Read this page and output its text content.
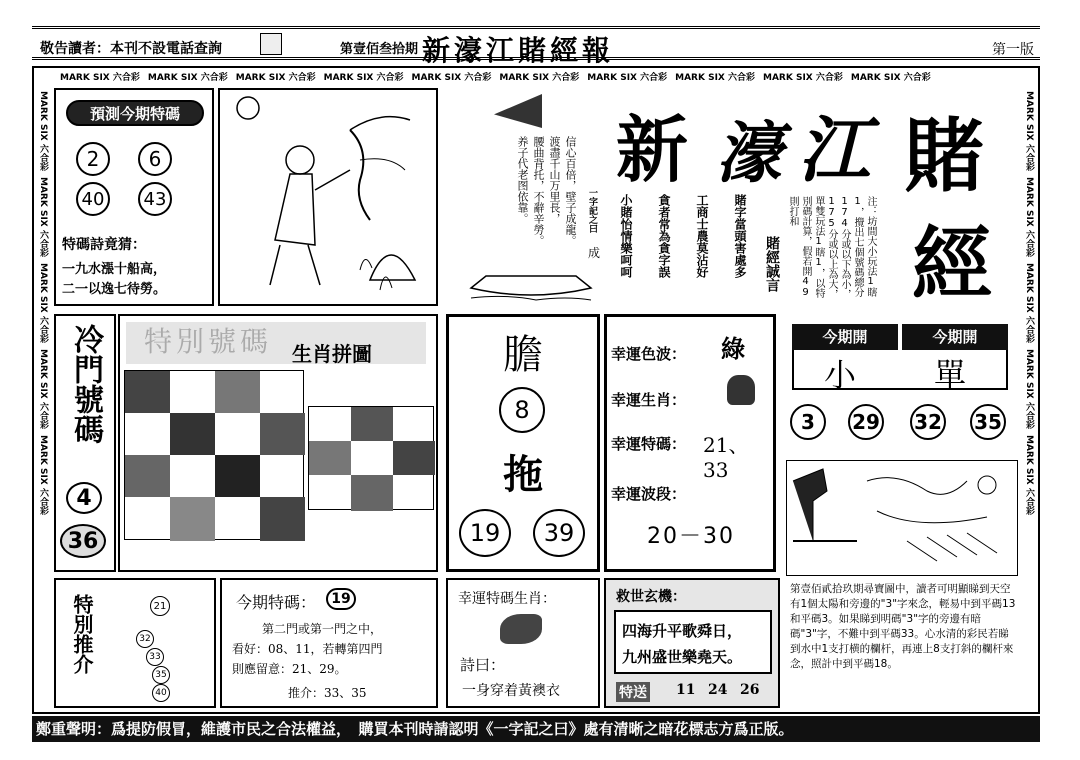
敬告讀者：本刊不設電話查詢	第壹佰叁拾期 新濠江賭經報	第一版
MARK SIX 六合彩 MARK SIX 六合彩 MARK SIX 六合彩 MARK SIX 六合彩 MARK SIX 六合彩 MARK SIX 六合彩 MARK SIX 六合彩 MARK SIX 六合彩 MARK SIX 六合彩 MARK SIX 六合彩
MARK SIX 六合彩
MARK SIX 六合彩
MARK SIX 六合彩
MARK SIX 六合彩
MARK SIX 六合彩
MARK SIX 六合彩
MARK SIX 六合彩
MARK SIX 六合彩
MARK SIX 六合彩
MARK SIX 六合彩
預測今期特碼
2	6
40	43
特碼詩竟猜：
一九水漲十船高，
二一以逸七待勞。
信心百倍，壁子成龍。
渡盡千山万里長，
腰曲背托，不辭辛勞。
养子代老图依靠。	一字記之曰
成	賭經誠言
賭字當頭害處多
工商士農莫沾好
貪者常為貪字誤
小賭怡情樂呵呵
新 濠 江 賭
經
注：坊間大小玩法1瞎1，攪出七個號碼總分174分或以下為小，175分或以上為大，單雙玩法1瞎1，以特別碼計算，假若開49則打和
冷門號碼
4
36
特別號碼 生肖拼圖	膽
8
拖
19	39
幸運色波： 綠
幸運生肖：
幸運特碼： 21、33
幸運波段：
20－30
今期開	今期開
小 單
3	29 32 35
特別推介	21
32
33
35
40
今期特碼：	19
第二門或第一門之中，
看好：08、11，若轉第四門
則應留意：21、29。
推介：33、35
幸運特碼生肖：
詩曰：
一身穿着黃襖衣
救世玄機：
四海升平歌舜日，
九州盛世樂堯天。
特送 11 24 26
第壹佰貳拾玖期尋寶圖中，讀者可明顯睇到天空有1個太陽和旁邊的"3"字來念，輕易中到平碼13和平碼3。如果睇到明碼"3"字的旁邊有暗碼"3"字，不難中到平碼33。心水清的彩民若睇到水中1支打横的欄杆，再連上8支打斜的欄杆來念，照計中到平碼18。
鄭重聲明：爲提防假冒，維護市民之合法權益，　購買本刊時請認明《一字記之曰》處有清晰之暗花標志方爲正版。
